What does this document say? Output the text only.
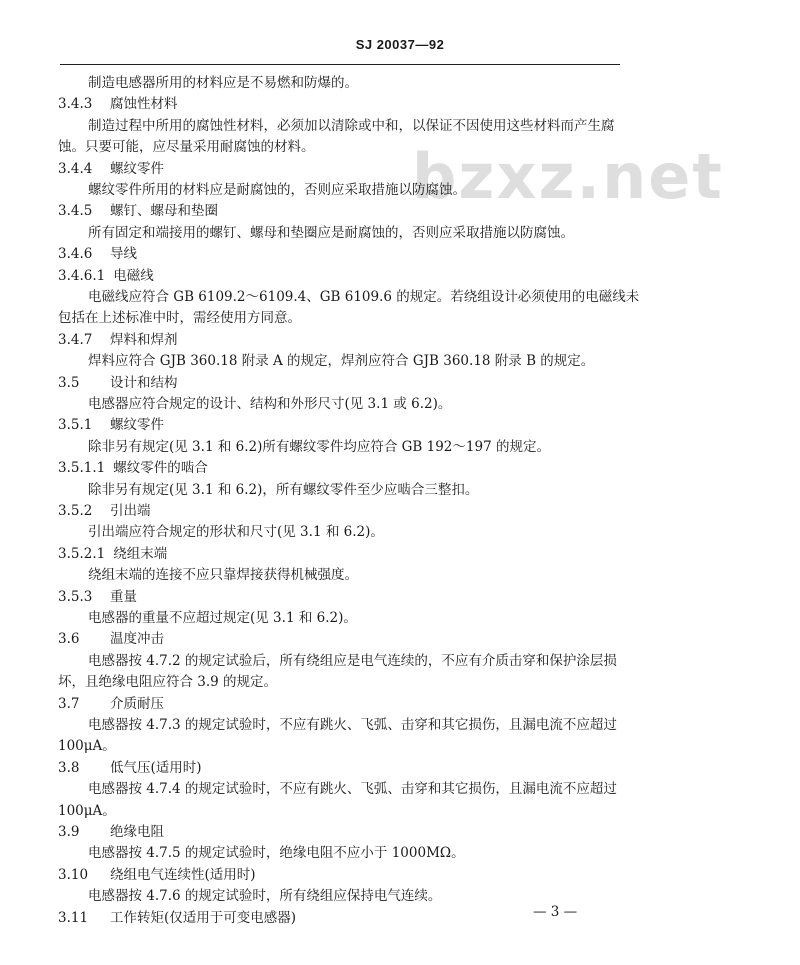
SJ 20037—92
bzxz.net
制造电感器所用的材料应是不易燃和防爆的。
3.4.3 腐蚀性材料
制造过程中所用的腐蚀性材料，必须加以清除或中和，以保证不因使用这些材料而产生腐
蚀。只要可能，应尽量采用耐腐蚀的材料。
3.4.4 螺纹零件
螺纹零件所用的材料应是耐腐蚀的，否则应采取措施以防腐蚀。
3.4.5 螺钉、螺母和垫圈
所有固定和端接用的螺钉、螺母和垫圈应是耐腐蚀的，否则应采取措施以防腐蚀。
3.4.6 导线
3.4.6.1 电磁线
电磁线应符合 GB 6109.2～6109.4、GB 6109.6 的规定。若绕组设计必须使用的电磁线未
包括在上述标准中时，需经使用方同意。
3.4.7 焊料和焊剂
焊料应符合 GJB 360.18 附录 A 的规定，焊剂应符合 GJB 360.18 附录 B 的规定。
3.5 设计和结构
电感器应符合规定的设计、结构和外形尺寸(见 3.1 或 6.2)。
3.5.1 螺纹零件
除非另有规定(见 3.1 和 6.2)所有螺纹零件均应符合 GB 192～197 的规定。
3.5.1.1 螺纹零件的啮合
除非另有规定(见 3.1 和 6.2)，所有螺纹零件至少应啮合三整扣。
3.5.2 引出端
引出端应符合规定的形状和尺寸(见 3.1 和 6.2)。
3.5.2.1 绕组末端
绕组末端的连接不应只靠焊接获得机械强度。
3.5.3 重量
电感器的重量不应超过规定(见 3.1 和 6.2)。
3.6 温度冲击
电感器按 4.7.2 的规定试验后，所有绕组应是电气连续的，不应有介质击穿和保护涂层损
坏，且绝缘电阻应符合 3.9 的规定。
3.7 介质耐压
电感器按 4.7.3 的规定试验时，不应有跳火、飞弧、击穿和其它损伤，且漏电流不应超过
100μA。
3.8 低气压(适用时)
电感器按 4.7.4 的规定试验时，不应有跳火、飞弧、击穿和其它损伤，且漏电流不应超过
100μA。
3.9 绝缘电阻
电感器按 4.7.5 的规定试验时，绝缘电阻不应小于 1000MΩ。
3.10 绕组电气连续性(适用时)
电感器按 4.7.6 的规定试验时，所有绕组应保持电气连续。
3.11 工作转矩(仅适用于可变电感器)	— 3 —
